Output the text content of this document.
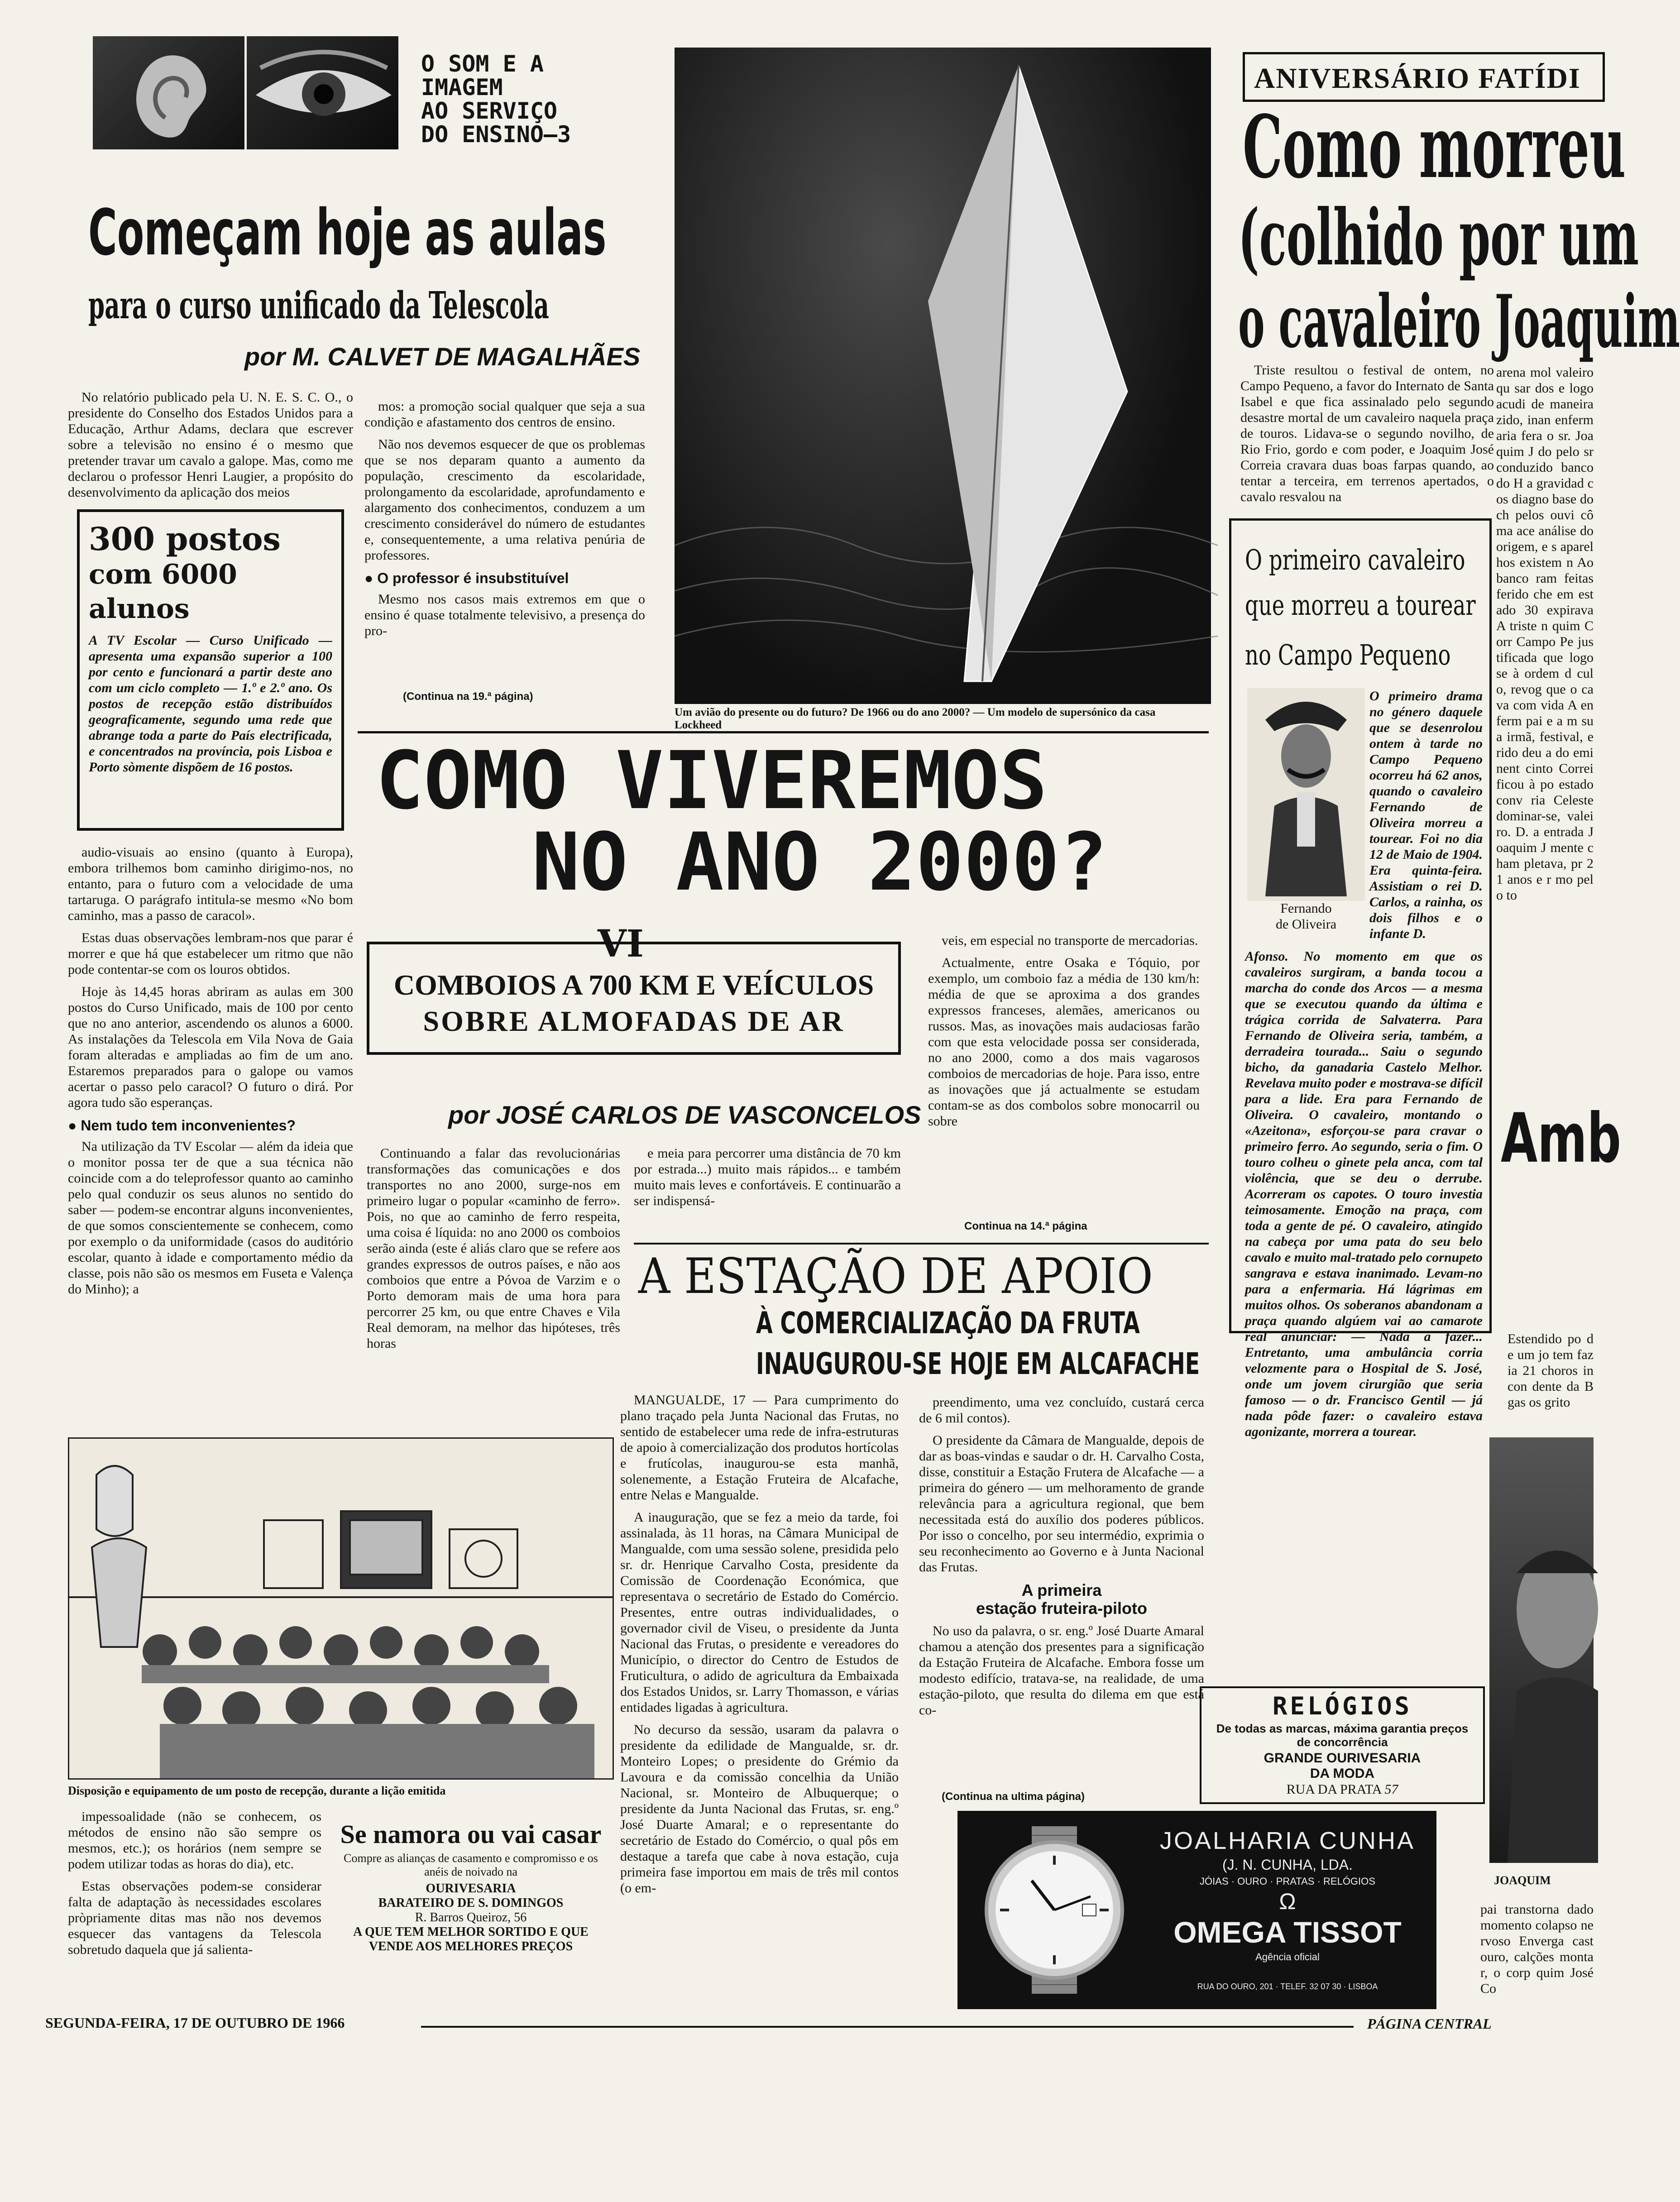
O SOM E A
IMAGEM
AO SERVIÇO
DO ENSINO—3
Começam hoje as aulas
para o curso unificado da Telescola
por M. CALVET DE MAGALHÃES

No relatório publicado pela U. N. E. S. C. O., o presidente do Conselho dos Estados Unidos para a Educação, Arthur Adams, declara que escrever sobre a televisão no ensino é o mesmo que pretender travar um cavalo a galope. Mas, como me declarou o professor Henri Laugier, a propósito do desenvolvimento da aplicação dos meios

300 postos
com 6000 alunos
A TV Escolar — Curso Unificado — apresenta uma expansão superior a 100 por cento e funcionará a partir deste ano com um ciclo completo — 1.º e 2.º ano. Os postos de recepção estão distribuídos geograficamente, segundo uma rede que abrange toda a parte do País electrificada, e concentrados na província, pois Lisboa e Porto sòmente dispõem de 16 postos.

audio-visuais ao ensino (quanto à Europa), embora trilhemos bom caminho dirigimo-nos, no entanto, para o futuro com a velocidade de uma tartaruga. O parágrafo intitula-se mesmo «No bom caminho, mas a passo de caracol».

Estas duas observações lembram-nos que parar é morrer e que há que estabelecer um ritmo que não pode contentar-se com os louros obtidos.

Hoje às 14,45 horas abriram as aulas em 300 postos do Curso Unificado, mais de 100 por cento que no ano anterior, ascendendo os alunos a 6000. As instalações da Telescola em Vila Nova de Gaia foram alteradas e ampliadas ao fim de um ano. Estaremos preparados para o galope ou vamos acertar o passo pelo caracol? O futuro o dirá. Por agora tudo são esperanças.

● Nem tudo tem inconvenientes?

Na utilização da TV Escolar — além da ideia que o monitor possa ter de que a sua técnica não coincide com a do teleprofessor quanto ao caminho pelo qual conduzir os seus alunos no sentido do saber — podem-se encontrar alguns inconvenientes, de que somos conscientemente se conhecem, como por exemplo o da uniformidade (casos do auditório escolar, quanto à idade e comportamento médio da classe, pois não são os mesmos em Fuseta e Valença do Minho); a

mos: a promoção social qualquer que seja a sua condição e afastamento dos centros de ensino.

Não nos devemos esquecer de que os problemas que se nos deparam quanto a aumento da população, crescimento da escolaridade, prolongamento da escolaridade, aprofundamento e alargamento dos conhecimentos, conduzem a um crescimento considerável do número de estudantes e, consequentemente, a uma relativa penúria de professores.

● O professor é insubstituível

Mesmo nos casos mais extremos em que o ensino é quase totalmente televisivo, a presença do pro-

(Continua na 19.ª página)
Disposição e equipamento de um posto de recepção, durante a lição emitida

impessoalidade (não se conhecem, os métodos de ensino não são sempre os mesmos, etc.); os horários (nem sempre se podem utilizar todas as horas do dia), etc.

Estas observações podem-se considerar falta de adaptação às necessidades escolares pròpriamente ditas mas não nos devemos esquecer das vantagens da Telescola sobretudo daquela que já salienta-

Se namora ou vai casar
Compre as alianças de casamento e compromisso e os anéis de noivado na
OURIVESARIA
BARATEIRO DE S. DOMINGOS
R. Barros Queiroz, 56
A QUE TEM MELHOR SORTIDO E QUE VENDE AOS MELHORES PREÇOS
Um avião do presente ou do futuro? De 1966 ou do ano 2000? — Um modelo de supersónico da casa Lockheed
COMO VIVEREMOS
NO ANO 2000?
VI
COMBOIOS A 700 KM E VEÍCULOS
SOBRE ALMOFADAS DE AR
por JOSÉ CARLOS DE VASCONCELOS

Continuando a falar das revolucionárias transformações das comunicações e dos transportes no ano 2000, surge-nos em primeiro lugar o popular «caminho de ferro». Pois, no que ao caminho de ferro respeita, uma coisa é líquida: no ano 2000 os comboios serão ainda (este é aliás claro que se refere aos grandes expressos de outros países, e não aos comboios que entre a Póvoa de Varzim e o Porto demoram mais de uma hora para percorrer 25 km, ou que entre Chaves e Vila Real demoram, na melhor das hipóteses, três horas

e meia para percorrer uma distância de 70 km por estrada...) muito mais rápidos... e também muito mais leves e confortáveis. E continuarão a ser indispensá-

veis, em especial no transporte de mercadorias.

Actualmente, entre Osaka e Tóquio, por exemplo, um comboio faz a média de 130 km/h: média de que se aproxima a dos grandes expressos franceses, alemães, americanos ou russos. Mas, as inovações mais audaciosas farão com que esta velocidade possa ser considerada, no ano 2000, como a dos mais vagarosos comboios de mercadorias de hoje. Para isso, entre as inovações que já actualmente se estudam contam-se as dos combolos sobre monocarril ou sobre

Continua na 14.ª página
A ESTAÇÃO DE APOIO
À COMERCIALIZAÇÃO DA FRUTA
INAUGUROU-SE HOJE EM ALCAFACHE

MANGUALDE, 17 — Para cumprimento do plano traçado pela Junta Nacional das Frutas, no sentido de estabelecer uma rede de infra-estruturas de apoio à comercialização dos produtos hortícolas e frutícolas, inaugurou-se esta manhã, solenemente, a Estação Fruteira de Alcafache, entre Nelas e Mangualde.

A inauguração, que se fez a meio da tarde, foi assinalada, às 11 horas, na Câmara Municipal de Mangualde, com uma sessão solene, presidida pelo sr. dr. Henrique Carvalho Costa, presidente da Comissão de Coordenação Económica, que representava o secretário de Estado do Comércio. Presentes, entre outras individualidades, o governador civil de Viseu, o presidente da Junta Nacional das Frutas, o presidente e vereadores do Município, o director do Centro de Estudos de Fruticultura, o adido de agricultura da Embaixada dos Estados Unidos, sr. Larry Thomasson, e várias entidades ligadas à agricultura.

No decurso da sessão, usaram da palavra o presidente da edilidade de Mangualde, sr. dr. Monteiro Lopes; o presidente do Grémio da Lavoura e da comissão concelhia da União Nacional, sr. Monteiro de Albuquerque; o presidente da Junta Nacional das Frutas, sr. eng.º José Duarte Amaral; e o representante do secretário de Estado do Comércio, o qual pôs em destaque a tarefa que cabe à nova estação, cuja primeira fase importou em mais de três mil contos (o em-

preendimento, uma vez concluído, custará cerca de 6 mil contos).

O presidente da Câmara de Mangualde, depois de dar as boas-vindas e saudar o dr. H. Carvalho Costa, disse, constituir a Estação Frutera de Alcafache — a primeira do género — um melhoramento de grande relevância para a agricultura regional, que bem necessitada está do auxílio dos poderes públicos. Por isso o concelho, por seu intermédio, exprimia o seu reconhecimento ao Governo e à Junta Nacional das Frutas.

A primeira
estação fruteira-piloto

No uso da palavra, o sr. eng.º José Duarte Amaral chamou a atenção dos presentes para a significação da Estação Fruteira de Alcafache. Embora fosse um modesto edifício, tratava-se, na realidade, de uma estação-piloto, que resulta do dilema em que está co-

(Continua na ultima página)
JOALHARIA CUNHA
(J. N. CUNHA, LDA.
JÓIAS · OURO · PRATAS · RELÓGIOS
Ω
OMEGA TISSOT
Agência oficial
RUA DO OURO, 201 · TELEF. 32 07 30 · LISBOA
ANIVERSÁRIO FATÍDI
Como morreu
(colhido por um
o cavaleiro Joaquim

Triste resultou o festival de ontem, no Campo Pequeno, a favor do Internato de Santa Isabel e que fica assinalado pelo segundo desastre mortal de um cavaleiro naquela praça de touros. Lidava-se o segundo novilho, de Rio Frio, gordo e com poder, e Joaquim José Correia cravara duas boas farpas quando, ao tentar a terceira, em terrenos apertados, o cavalo resvalou na

arena mol valeiro qu sar dos e logo acudi de maneira zido, inan enfermaria fera o sr. Joaquim J do pelo sr conduzido banco do H a gravidad cos diagno base do ch pelos ouvi côma ace análise do origem, e s aparelhos existem n Ao banco ram feitas ferido che em estado 30 expirava A triste n quim Corr Campo Pe justificada que logo se à ordem d culo, revog que o cava com vida A enferm pai e a m sua irmã, festival, e rido deu a do eminent cinto Correi ficou à po estado conv ria Celeste dominar-se, valeiro. D. a entrada Joaquim J mente cham pletava, pr 21 anos e r mo pelo to

O primeiro cavaleiro
que morreu a tourear
no Campo Pequeno
Fernando
de Oliveira
O primeiro drama no género daquele que se desenrolou ontem à tarde no Campo Pequeno ocorreu há 62 anos, quando o cavaleiro Fernando de Oliveira morreu a tourear. Foi no dia 12 de Maio de 1904. Era quinta-feira. Assistiam o rei D. Carlos, a rainha, os dois filhos e o infante D.
Afonso. No momento em que os cavaleiros surgiram, a banda tocou a marcha do conde dos Arcos — a mesma que se executou quando da última e trágica corrida de Salvaterra. Para Fernando de Oliveira seria, também, a derradeira tourada... Saiu o segundo bicho, da ganadaria Castelo Melhor. Revelava muito poder e mostrava-se difícil para a lide. Era para Fernando de Oliveira. O cavaleiro, montando o «Azeitona», esforçou-se para cravar o primeiro ferro. Ao segundo, seria o fim. O touro colheu o ginete pela anca, com tal violência, que se deu o derrube. Acorreram os capotes. O touro investia teimosamente. Emoção na praça, com toda a gente de pé. O cavaleiro, atingido na cabeça por uma pata do seu belo cavalo e muito mal-tratado pelo cornupeto sangrava e estava inanimado. Levam-no para a enfermaria. Há lágrimas em muitos olhos. Os soberanos abandonam a praça quando algúem vai ao camarote real anunciar: — Nada a fazer... Entretanto, uma ambulância corria velozmente para o Hospital de S. José, onde um jovem cirurgião que seria famoso — o dr. Francisco Gentil — já nada pôde fazer: o cavaleiro estava agonizante, morrera a tourear.
Amb

Estendido po de um jo tem fazia 21 choros incon dente da B gas os grito

RELÓGIOS
De todas as marcas, máxima garantia preços de concorrência
GRANDE OURIVESARIA
DA MODA
RUA DA PRATA 57
JOAQUIM

pai transtorna dado momento colapso nervoso Enverga cast ouro, calções montar, o corp quim José Co

SEGUNDA-FEIRA, 17 DE OUTUBRO DE 1966	PÁGINA CENTRAL
